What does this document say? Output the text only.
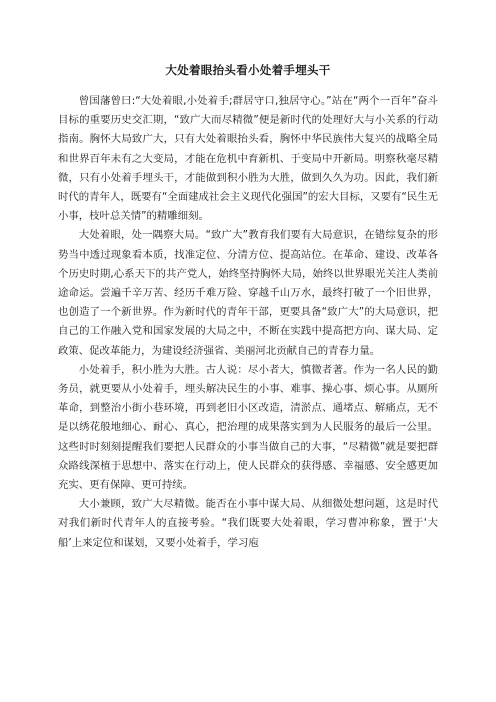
大处着眼抬头看小处着手埋头干

曾国藩曾曰:“大处着眼,小处着手;群居守口,独居守心。”站在“两个一百年”奋斗目标的重要历史交汇期，“致广大而尽精微”便是新时代的处理好大与小关系的行动指南。胸怀大局致广大，只有大处着眼抬头看，胸怀中华民族伟大复兴的战略全局和世界百年未有之大变局，才能在危机中育新机、于变局中开新局。明察秋毫尽精微，只有小处着手埋头干，才能做到积小胜为大胜，做到久久为功。因此，我们新时代的青年人，既要有“全面建成社会主义现代化强国”的宏大目标，又要有“民生无小事，枝叶总关情”的精雕细刻。

大处着眼，处一隅察大局。“致广大”教育我们要有大局意识，在错综复杂的形势当中透过现象看本质，找准定位、分清方位、提高站位。在革命、建设、改革各个历史时期,心系天下的共产党人，始终坚持胸怀大局，始终以世界眼光关注人类前途命运。尝遍千辛万苦、经历千难万险、穿越千山万水，最终打破了一个旧世界，也创造了一个新世界。作为新时代的青年干部，更要具备“致广大”的大局意识，把自己的工作融入党和国家发展的大局之中，不断在实践中提高把方向、谋大局、定政策、促改革能力，为建设经济强省、美丽河北贡献自己的青春力量。

小处着手，积小胜为大胜。古人说：尽小者大，慎微者著。作为一名人民的勤务员，就更要从小处着手，埋头解决民生的小事、难事、操心事、烦心事。从厕所革命，到整治小街小巷环境，再到老旧小区改造，清淤点、通堵点、解痛点，无不是以绣花般地细心、耐心、真心，把治理的成果落实到为人民服务的最后一公里。这些时时刻刻提醒我们要把人民群众的小事当做自己的大事，“尽精微”就是要把群众路线深植于思想中、落实在行动上，使人民群众的获得感、幸福感、安全感更加充实、更有保障、更可持续。

大小兼顾，致广大尽精微。能否在小事中谋大局、从细微处想问题，这是时代对我们新时代青年人的直接考验。“我们既要大处着眼，学习曹冲称象，置于‘大船’上来定位和谋划，又要小处着手，学习庖
